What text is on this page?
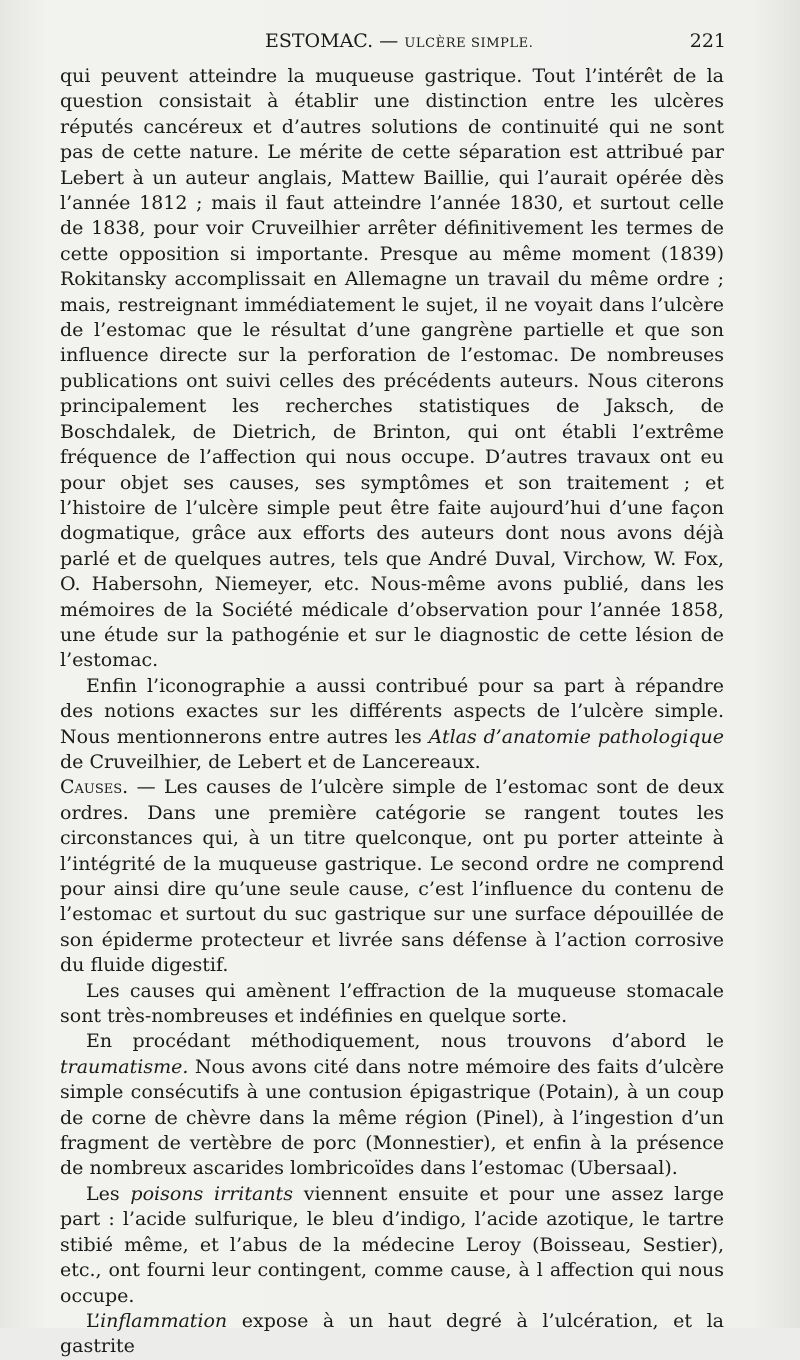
ESTOMAC. — ULCÈRE SIMPLE.	221

qui peuvent atteindre la muqueuse gastrique. Tout l’intérêt de la question consistait à établir une distinction entre les ulcères réputés cancéreux et d’autres solutions de continuité qui ne sont pas de cette nature. Le mérite de cette séparation est attribué par Lebert à un auteur anglais, Mattew Baillie, qui l’aurait opérée dès l’année 1812 ; mais il faut atteindre l’année 1830, et surtout celle de 1838, pour voir Cruveilhier arrêter définitivement les termes de cette opposition si importante. Presque au même moment (1839) Rokitansky accomplissait en Allemagne un travail du même ordre ; mais, restreignant immédiatement le sujet, il ne voyait dans l’ulcère de l’estomac que le résultat d’une gangrène partielle et que son influence directe sur la perforation de l’estomac. De nombreuses publications ont suivi celles des précédents auteurs. Nous citerons principalement les recherches statistiques de Jaksch, de Boschdalek, de Dietrich, de Brinton, qui ont établi l’extrême fréquence de l’affection qui nous occupe. D’autres travaux ont eu pour objet ses causes, ses symptômes et son traitement ; et l’histoire de l’ulcère simple peut être faite aujourd’hui d’une façon dogmatique, grâce aux efforts des auteurs dont nous avons déjà parlé et de quelques autres, tels que André Duval, Virchow, W. Fox, O. Habersohn, Niemeyer, etc. Nous-même avons publié, dans les mémoires de la Société médicale d’observation pour l’année 1858, une étude sur la pathogénie et sur le diagnostic de cette lésion de l’estomac.

Enfin l’iconographie a aussi contribué pour sa part à répandre des notions exactes sur les différents aspects de l’ulcère simple. Nous mentionnerons entre autres les Atlas d’anatomie pathologique de Cruveilhier, de Lebert et de Lancereaux.

Causes. — Les causes de l’ulcère simple de l’estomac sont de deux ordres. Dans une première catégorie se rangent toutes les circonstances qui, à un titre quelconque, ont pu porter atteinte à l’intégrité de la muqueuse gastrique. Le second ordre ne comprend pour ainsi dire qu’une seule cause, c’est l’influence du contenu de l’estomac et surtout du suc gastrique sur une surface dépouillée de son épiderme protecteur et livrée sans défense à l’action corrosive du fluide digestif.

Les causes qui amènent l’effraction de la muqueuse stomacale sont très-nombreuses et indéfinies en quelque sorte.

En procédant méthodiquement, nous trouvons d’abord le traumatisme. Nous avons cité dans notre mémoire des faits d’ulcère simple consécutifs à une contusion épigastrique (Potain), à un coup de corne de chèvre dans la même région (Pinel), à l’ingestion d’un fragment de vertèbre de porc (Monnestier), et enfin à la présence de nombreux ascarides lombricoïdes dans l’estomac (Ubersaal).

Les poisons irritants viennent ensuite et pour une assez large part : l’acide sulfurique, le bleu d’indigo, l’acide azotique, le tartre stibié même, et l’abus de la médecine Leroy (Boisseau, Sestier), etc., ont fourni leur contingent, comme cause, à l affection qui nous occupe.

L’inflammation expose à un haut degré à l’ulcération, et la gastrite
